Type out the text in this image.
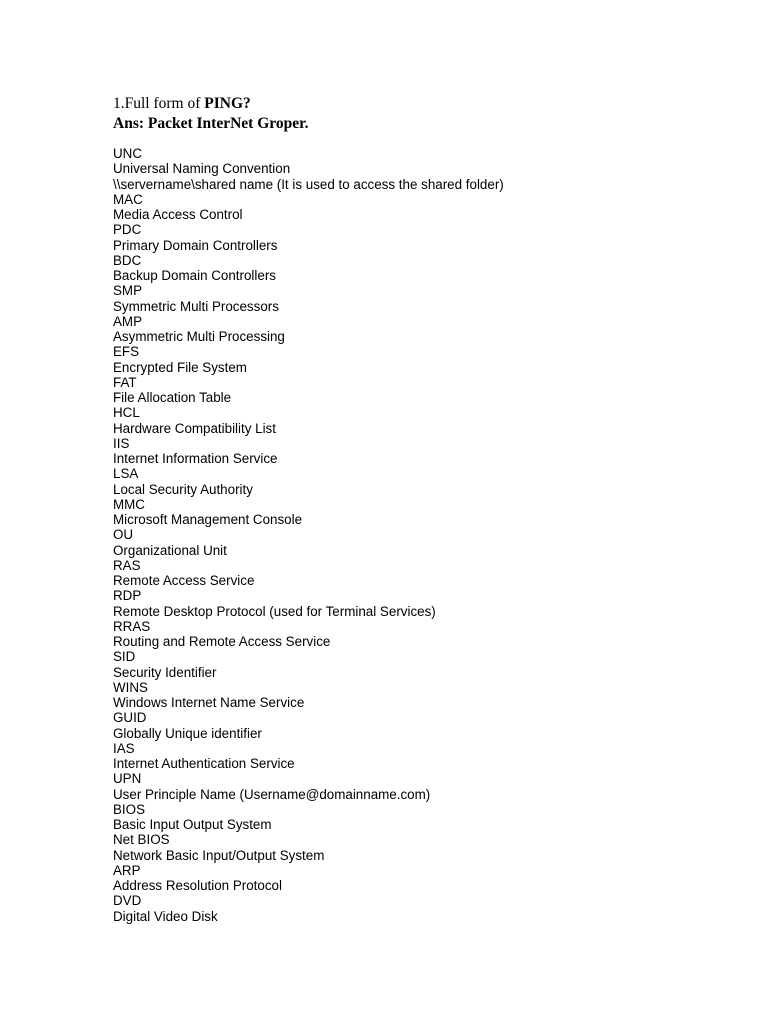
1.Full form of PING?
Ans: Packet InterNet Groper.
UNC
Universal Naming Convention
\\servername\shared name (It is used to access the shared folder)
MAC
Media Access Control
PDC
Primary Domain Controllers
BDC
Backup Domain Controllers
SMP
Symmetric Multi Processors
AMP
Asymmetric Multi Processing
EFS
Encrypted File System
FAT
File Allocation Table
HCL
Hardware Compatibility List
IIS
Internet Information Service
LSA
Local Security Authority
MMC
Microsoft Management Console
OU
Organizational Unit
RAS
Remote Access Service
RDP
Remote Desktop Protocol (used for Terminal Services)
RRAS
Routing and Remote Access Service
SID
Security Identifier
WINS
Windows Internet Name Service
GUID
Globally Unique identifier
IAS
Internet Authentication Service
UPN
User Principle Name (Username@domainname.com)
BIOS
Basic Input Output System
Net BIOS
Network Basic Input/Output System
ARP
Address Resolution Protocol
DVD
Digital Video Disk
